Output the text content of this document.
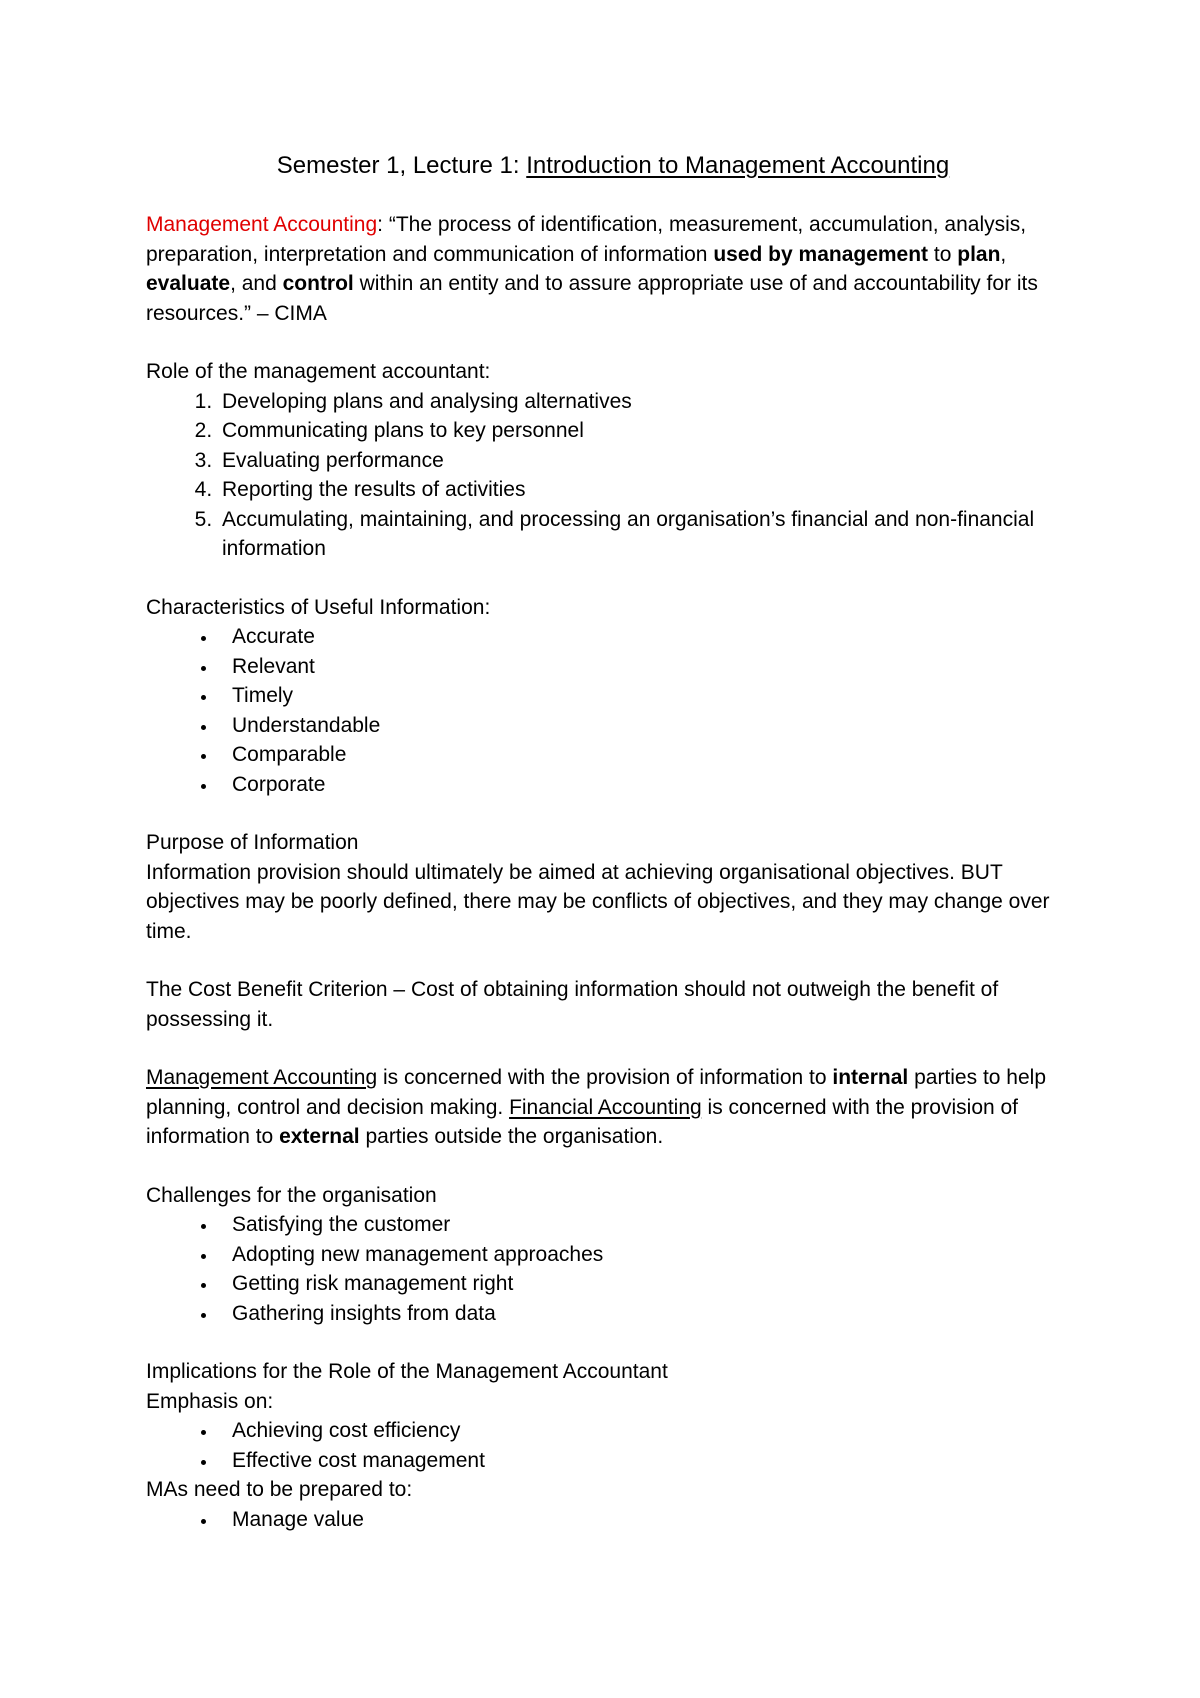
Semester 1, Lecture 1: Introduction to Management Accounting

Management Accounting: “The process of identification, measurement, accumulation, analysis, preparation, interpretation and communication of information used by management to plan, evaluate, and control within an entity and to assure appropriate use of and accountability for its resources.” – CIMA

Role of the management accountant:

1. Developing plans and analysing alternatives
2. Communicating plans to key personnel
3. Evaluating performance
4. Reporting the results of activities
5. Accumulating, maintaining, and processing an organisation’s financial and non-financial information

Characteristics of Useful Information:

• Accurate
• Relevant
• Timely
• Understandable
• Comparable
• Corporate

Purpose of Information

Information provision should ultimately be aimed at achieving organisational objectives. BUT objectives may be poorly defined, there may be conflicts of objectives, and they may change over time.

The Cost Benefit Criterion – Cost of obtaining information should not outweigh the benefit of possessing it.

Management Accounting is concerned with the provision of information to internal parties to help planning, control and decision making. Financial Accounting is concerned with the provision of information to external parties outside the organisation.

Challenges for the organisation

• Satisfying the customer
• Adopting new management approaches
• Getting risk management right
• Gathering insights from data

Implications for the Role of the Management Accountant

Emphasis on:

• Achieving cost efficiency
• Effective cost management

MAs need to be prepared to:

• Manage value
